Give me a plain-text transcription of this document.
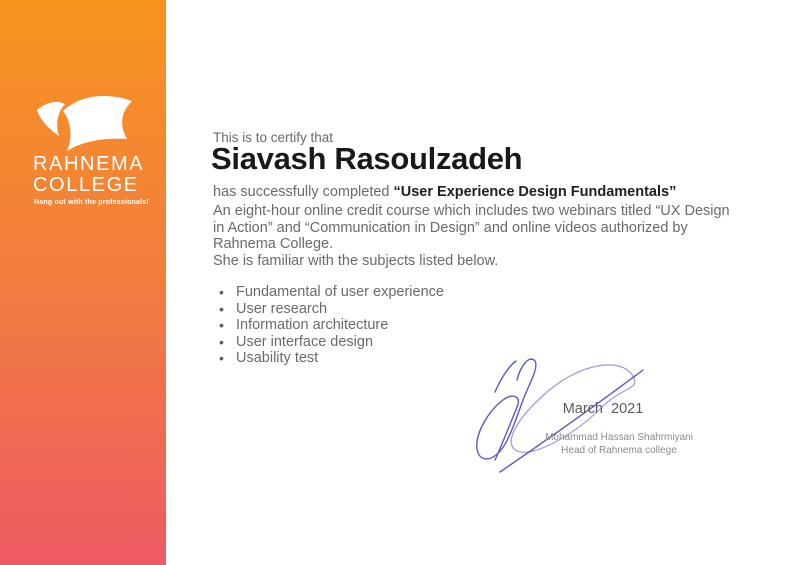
RAHNEMA
COLLEGE
Hang out with the professionals!
This is to certify that
Siavash Rasoulzadeh
has successfully completed “User Experience Design Fundamentals”
An eight-hour online credit course which includes two webinars titled “UX Design
in Action” and “Communication in Design” and online videos authorized by
Rahnema College.
She is familiar with the subjects listed below.
• Fundamental of user experience
• User research
• Information architecture
• User interface design
• Usability test
March  2021
Mohammad Hassan Shahrmiyani
Head of Rahnema college
